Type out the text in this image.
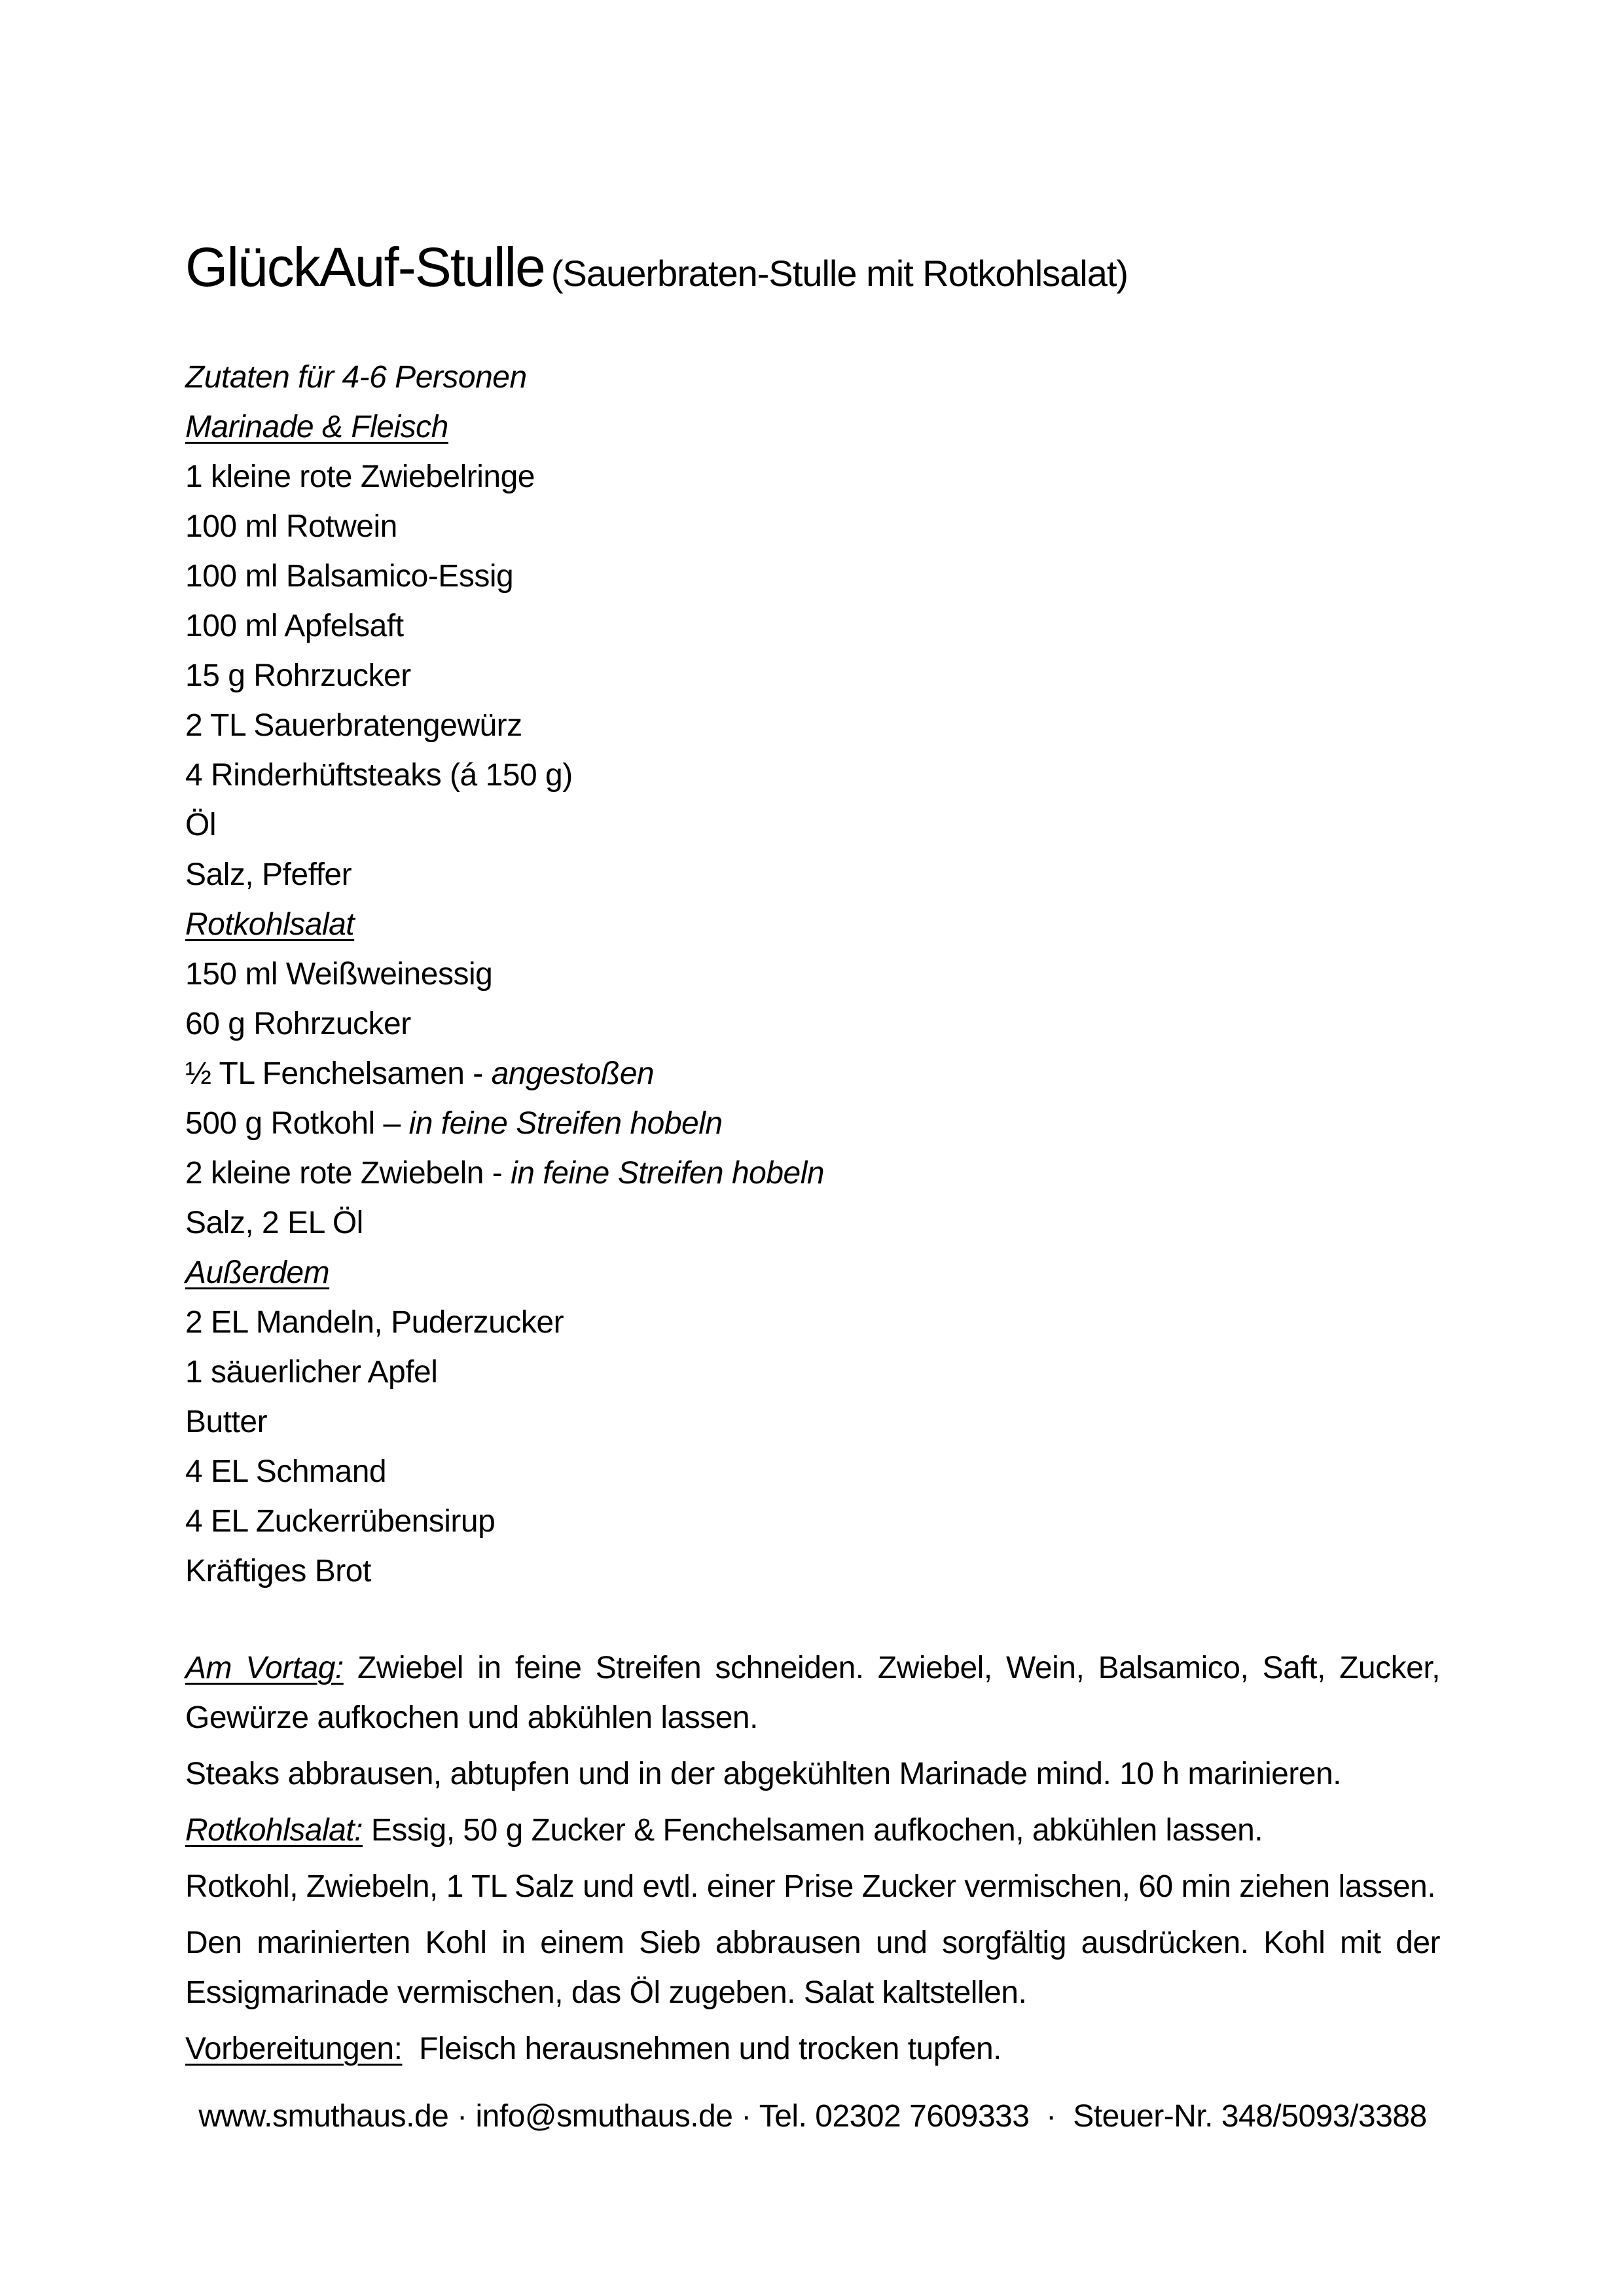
GlückAuf-Stulle (Sauerbraten-Stulle mit Rotkohlsalat)
Zutaten für 4-6 Personen
Marinade & Fleisch
1 kleine rote Zwiebelringe
100 ml Rotwein
100 ml Balsamico-Essig
100 ml Apfelsaft
15 g Rohrzucker
2 TL Sauerbratengewürz
4 Rinderhüftsteaks (á 150 g)
Öl
Salz, Pfeffer
Rotkohlsalat
150 ml Weißweinessig
60 g Rohrzucker
½ TL Fenchelsamen - angestoßen
500 g Rotkohl – in feine Streifen hobeln
2 kleine rote Zwiebeln - in feine Streifen hobeln
Salz, 2 EL Öl
Außerdem
2 EL Mandeln, Puderzucker
1 säuerlicher Apfel
Butter
4 EL Schmand
4 EL Zuckerrübensirup
Kräftiges Brot
Am Vortag: Zwiebel in feine Streifen schneiden. Zwiebel, Wein, Balsamico, Saft, Zucker, Gewürze aufkochen und abkühlen lassen.
Steaks abbrausen, abtupfen und in der abgekühlten Marinade mind. 10 h marinieren.
Rotkohlsalat: Essig, 50 g Zucker & Fenchelsamen aufkochen, abkühlen lassen.
Rotkohl, Zwiebeln, 1 TL Salz und evtl. einer Prise Zucker vermischen, 60 min ziehen lassen.
Den marinierten Kohl in einem Sieb abbrausen und sorgfältig ausdrücken. Kohl mit der Essigmarinade vermischen, das Öl zugeben. Salat kaltstellen.
Vorbereitungen:  Fleisch herausnehmen und trocken tupfen.
www.smuthaus.de · info@smuthaus.de · Tel. 02302 7609333  ·  Steuer-Nr. 348/5093/3388
